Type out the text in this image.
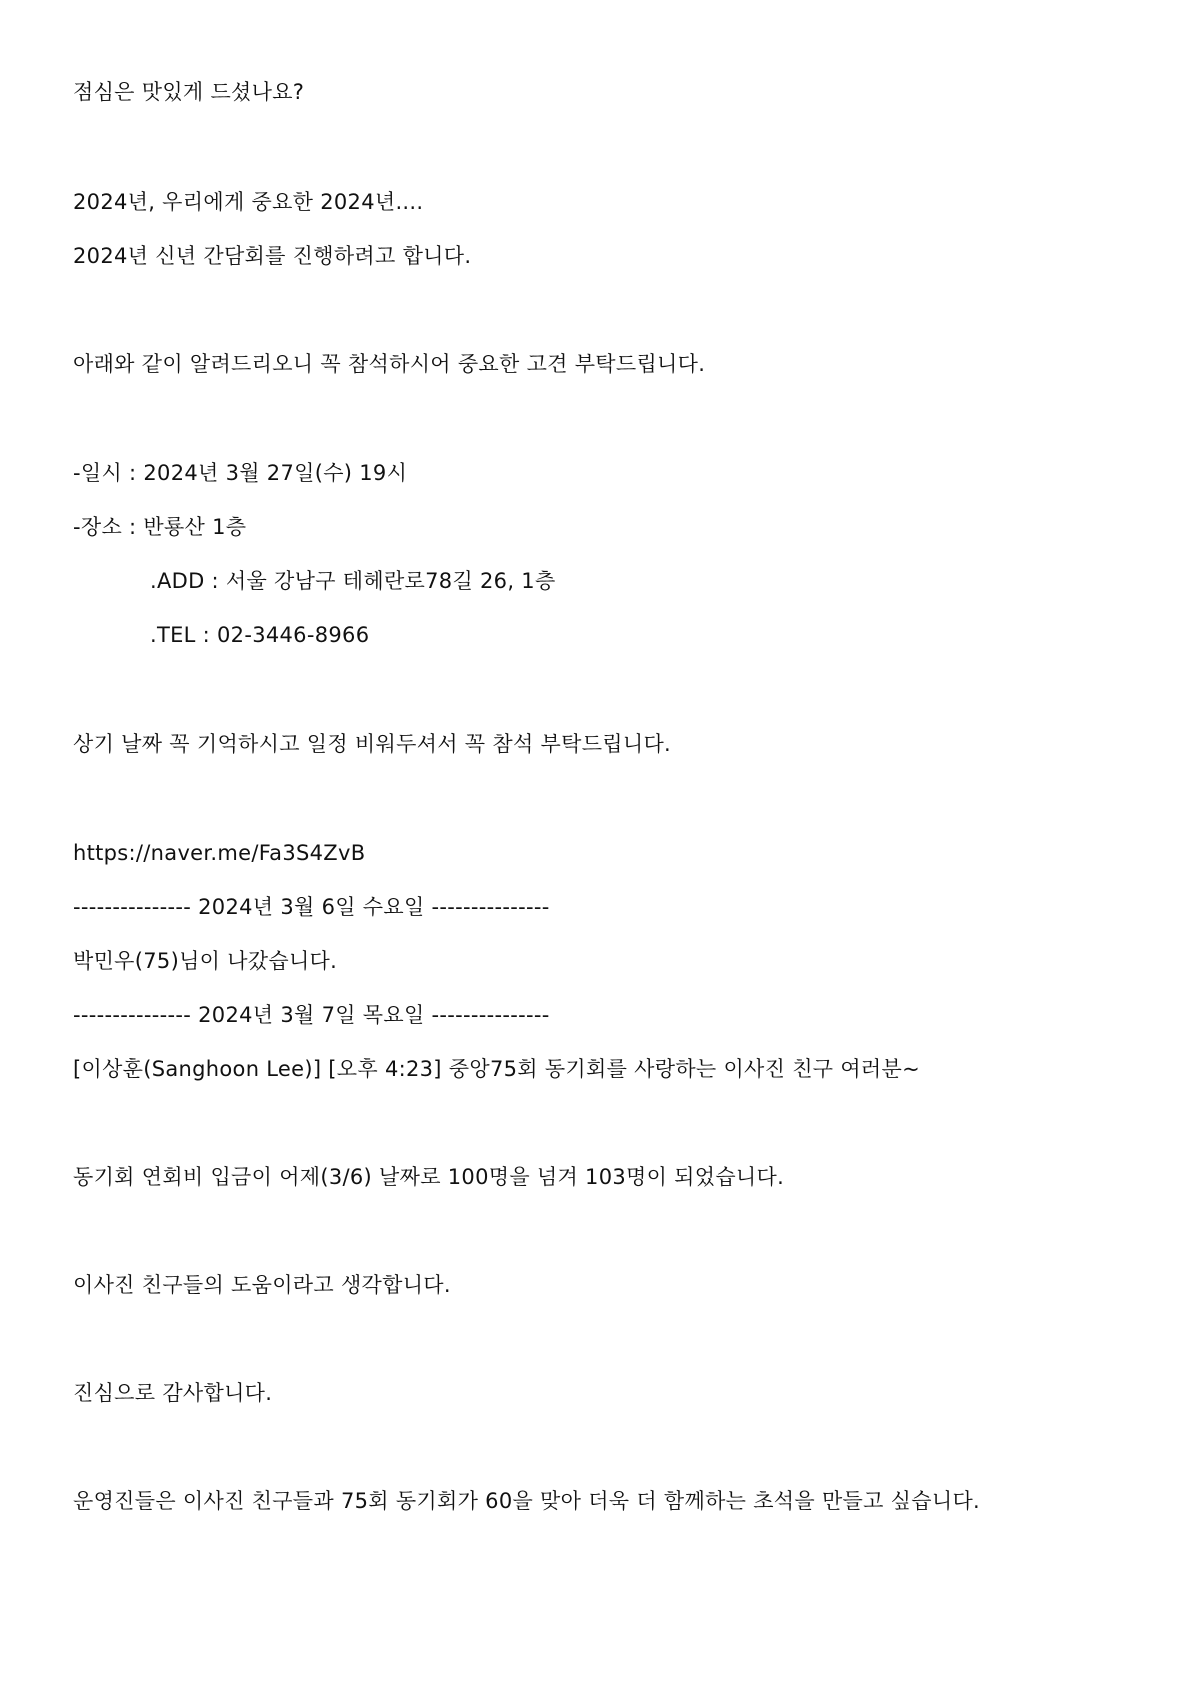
점심은 맛있게 드셨나요?
2024년, 우리에게 중요한 2024년....
2024년 신년 간담회를 진행하려고 합니다.
아래와 같이 알려드리오니 꼭 참석하시어 중요한 고견 부탁드립니다.
-일시 : 2024년 3월 27일(수) 19시
-장소 : 반룡산 1층
.ADD : 서울 강남구 테헤란로78길 26, 1층
.TEL : 02-3446-8966
상기 날짜 꼭 기억하시고 일정 비워두셔서 꼭 참석 부탁드립니다.
https://naver.me/Fa3S4ZvB
--------------- 2024년 3월 6일 수요일 ---------------
박민우(75)님이 나갔습니다.
--------------- 2024년 3월 7일 목요일 ---------------
[이상훈(Sanghoon Lee)] [오후 4:23] 중앙75회 동기회를 사랑하는 이사진 친구 여러분~
동기회 연회비 입금이 어제(3/6) 날짜로 100명을 넘겨 103명이 되었습니다.
이사진 친구들의 도움이라고 생각합니다.
진심으로 감사합니다.
운영진들은 이사진 친구들과 75회 동기회가 60을 맞아 더욱 더 함께하는 초석을 만들고 싶습니다.
